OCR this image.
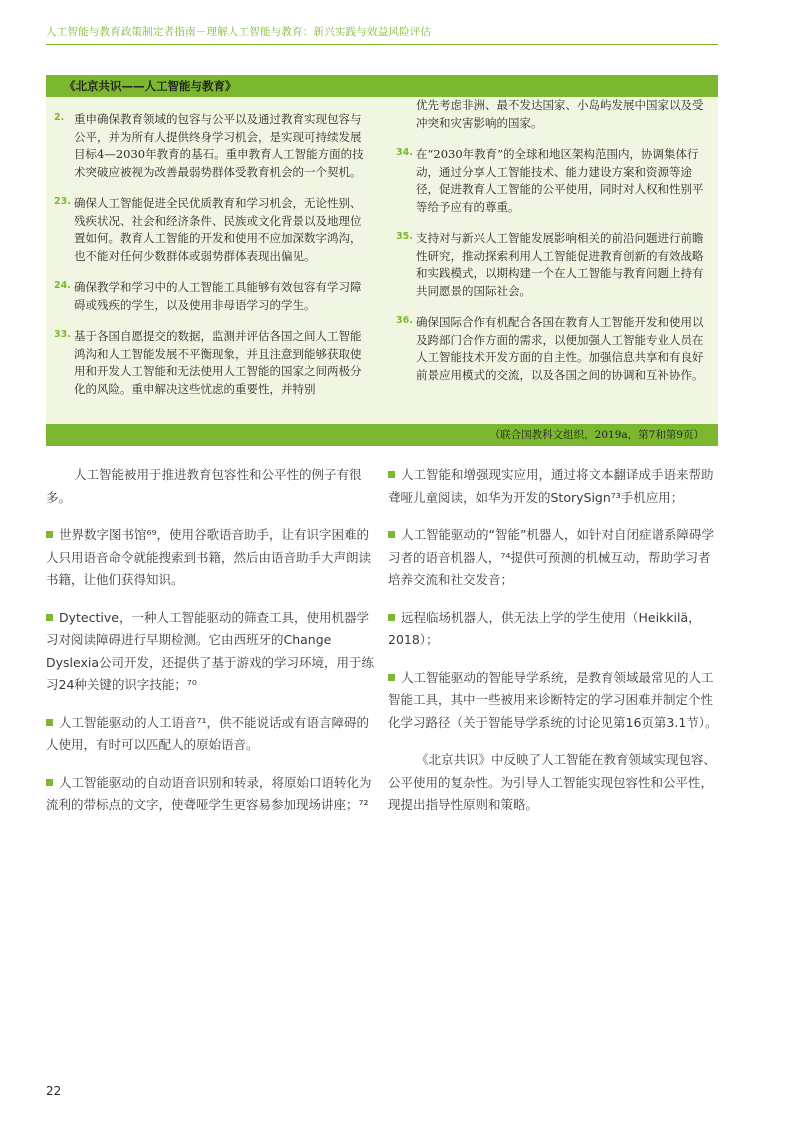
人工智能与教育政策制定者指南－理解人工智能与教育：新兴实践与效益风险评估
《北京共识——人工智能与教育》
2. 重申确保教育领域的包容与公平以及通过教育实现包容与公平，并为所有人提供终身学习机会，是实现可持续发展目标4—2030年教育的基石。重申教育人工智能方面的技术突破应被视为改善最弱势群体受教育机会的一个契机。
23. 确保人工智能促进全民优质教育和学习机会，无论性别、残疾状况、社会和经济条件、民族或文化背景以及地理位置如何。教育人工智能的开发和使用不应加深数字鸿沟，也不能对任何少数群体或弱势群体表现出偏见。
24. 确保教学和学习中的人工智能工具能够有效包容有学习障碍或残疾的学生，以及使用非母语学习的学生。
33. 基于各国自愿提交的数据，监测并评估各国之间人工智能鸿沟和人工智能发展不平衡现象，并且注意到能够获取使用和开发人工智能和无法使用人工智能的国家之间两极分化的风险。重申解决这些忧虑的重要性，并特别
优先考虑非洲、最不发达国家、小岛屿发展中国家以及受冲突和灾害影响的国家。
34. 在“2030年教育”的全球和地区架构范围内，协调集体行动，通过分享人工智能技术、能力建设方案和资源等途径，促进教育人工智能的公平使用，同时对人权和性别平等给予应有的尊重。
35. 支持对与新兴人工智能发展影响相关的前沿问题进行前瞻性研究，推动探索利用人工智能促进教育创新的有效战略和实践模式，以期构建一个在人工智能与教育问题上持有共同愿景的国际社会。
36. 确保国际合作有机配合各国在教育人工智能开发和使用以及跨部门合作方面的需求，以便加强人工智能专业人员在人工智能技术开发方面的自主性。加强信息共享和有良好前景应用模式的交流，以及各国之间的协调和互补协作。
（联合国教科文组织，2019a，第7和第9页）

人工智能被用于推进教育包容性和公平性的例子有很多。

世界数字图书馆⁶⁹，使用谷歌语音助手，让有识字困难的人只用语音命令就能搜索到书籍，然后由语音助手大声朗读书籍，让他们获得知识。

Dytective，一种人工智能驱动的筛查工具，使用机器学习对阅读障碍进行早期检测。它由西班牙的Change Dyslexia公司开发，还提供了基于游戏的学习环境，用于练习24种关键的识字技能；⁷⁰

人工智能驱动的人工语音⁷¹，供不能说话或有语言障碍的人使用，有时可以匹配人的原始语音。

人工智能驱动的自动语音识别和转录，将原始口语转化为流利的带标点的文字，使聋哑学生更容易参加现场讲座；⁷²

人工智能和增强现实应用，通过将文本翻译成手语来帮助聋哑儿童阅读，如华为开发的StorySign⁷³手机应用；

人工智能驱动的“智能”机器人，如针对自闭症谱系障碍学习者的语音机器人，⁷⁴提供可预测的机械互动，帮助学习者培养交流和社交发音；

远程临场机器人，供无法上学的学生使用（Heikkilä，2018）；

人工智能驱动的智能导学系统，是教育领域最常见的人工智能工具，其中一些被用来诊断特定的学习困难并制定个性化学习路径（关于智能导学系统的讨论见第16页第3.1节）。

《北京共识》中反映了人工智能在教育领域实现包容、公平使用的复杂性。为引导人工智能实现包容性和公平性，现提出指导性原则和策略。

22
